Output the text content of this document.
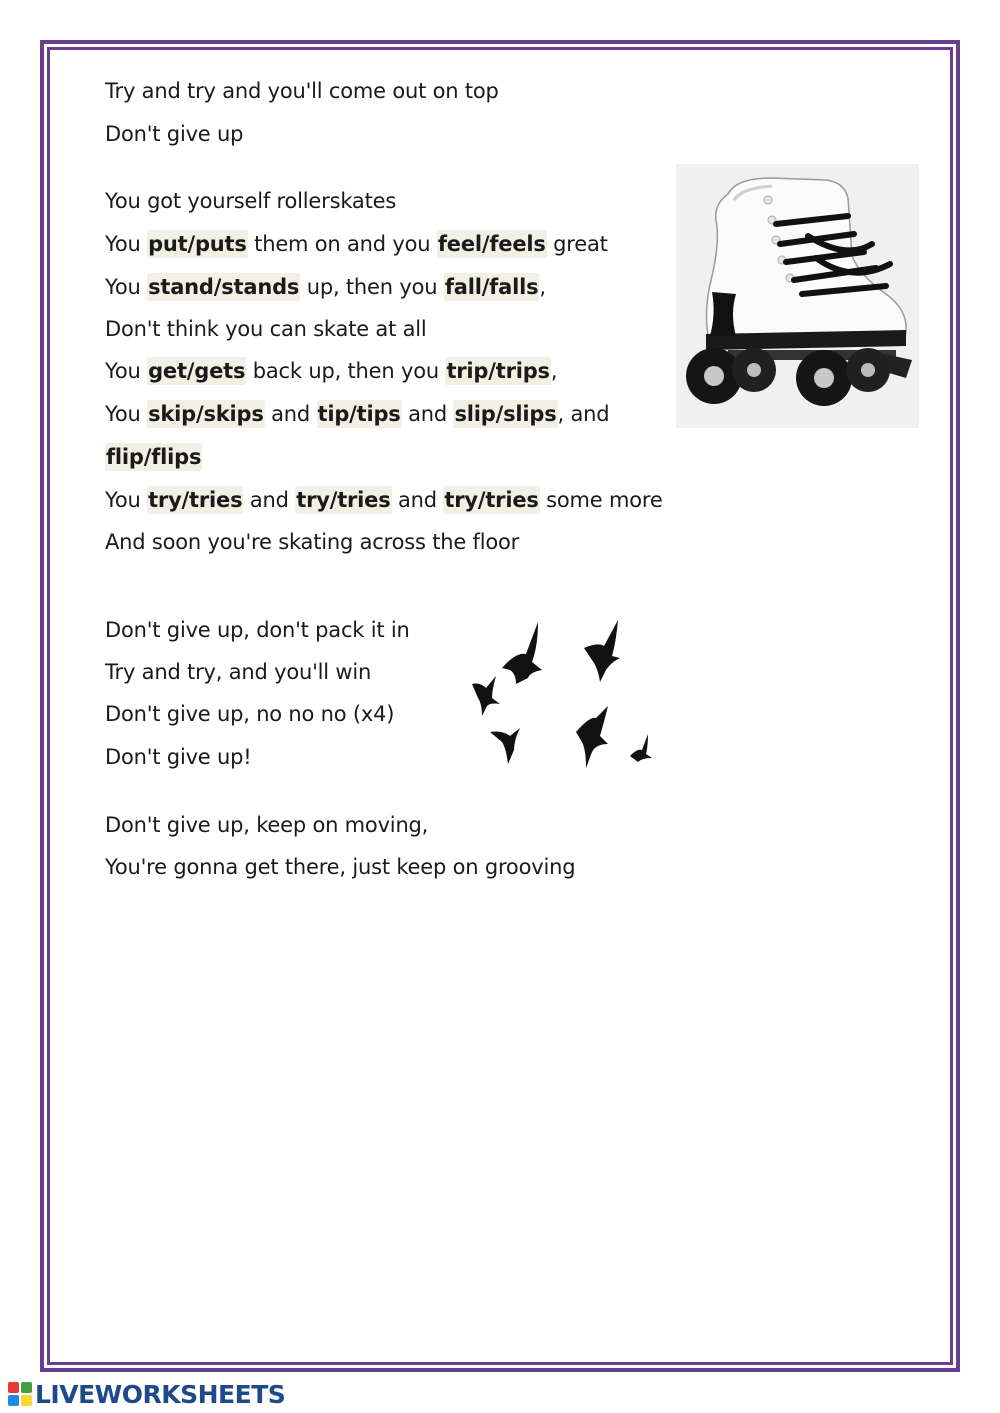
Try and try and you'll come out on top
Don't give up
You got yourself rollerskates
You put/puts them on and you feel/feels great
You stand/stands up, then you fall/falls,
Don't think you can skate at all
You get/gets back up, then you trip/trips,
You skip/skips and tip/tips and slip/slips, and
flip/flips
You try/tries and try/tries and try/tries some more
And soon you're skating across the floor
Don't give up, don't pack it in
Try and try, and you'll win
Don't give up, no no no (x4)
Don't give up!
Don't give up, keep on moving,
You're gonna get there, just keep on grooving
LIVEWORKSHEETS
